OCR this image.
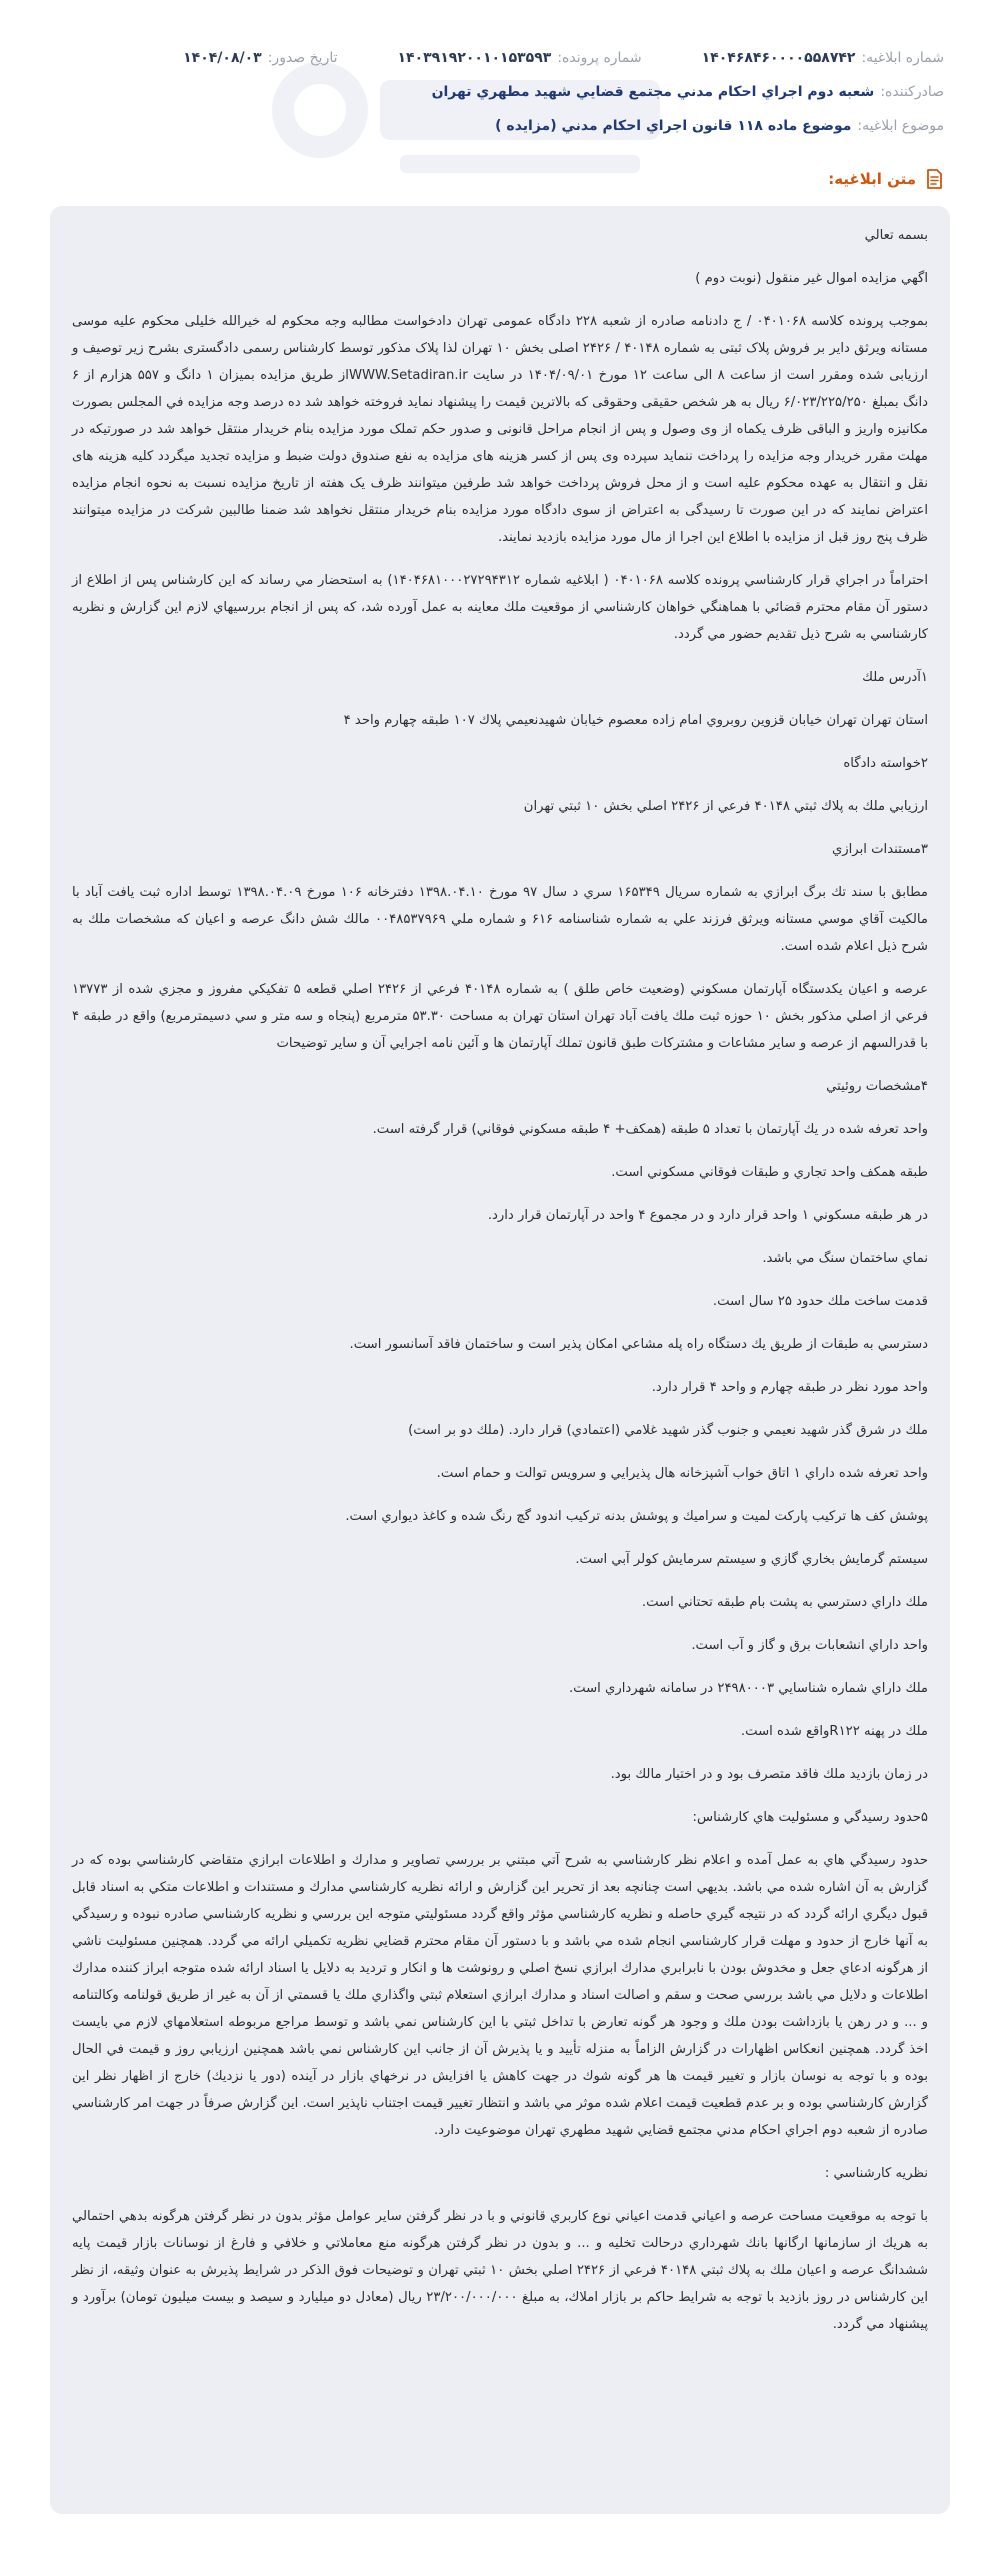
شماره ابلاغيه:
۱۴۰۴۶۸۴۶۰۰۰۰۵۵۸۷۴۲
شماره پرونده:
۱۴۰۳۹۱۹۲۰۰۱۰۱۵۳۵۹۳
تاريخ صدور:
۱۴۰۴/۰۸/۰۳
صادرکننده:
شعبه دوم اجراي احكام مدني مجتمع قضايي شهيد مطهري تهران
موضوع ابلاغيه:
موضوع ماده ۱۱۸ قانون اجراي احکام مدني (مزايده )
متن ابلاغيه:

بسمه تعالي

اگهي مزايده اموال غير منقول (نوبت دوم )

بموجب پرونده کلاسه ۰۴۰۱۰۶۸ / ج دادنامه صادره از شعبه ۲۲۸ دادگاه عمومی تهران دادخواست مطالبه وجه محکوم له خيرالله خليلی محکوم عليه موسی مستانه ويرثق داير بر فروش پلاک ثبتی به شماره ۴۰۱۴۸ / ۲۴۲۶ اصلی بخش ۱۰ تهران لذا پلاک مذکور توسط کارشناس رسمی دادگستری بشرح زير توصيف و ارزيابی شده ومقرر است از ساعت ۸ الی ساعت ۱۲ مورخ ۱۴۰۴/۰۹/۰۱ در سايت WWW.Setadiran.irاز طريق مزايده بميزان ۱ دانگ و ۵۵۷ هزارم از ۶ دانگ بمبلغ ۶/۰۲۳/۲۲۵/۲۵۰ ريال به هر شخص حقيقی وحقوقی که بالاترين قيمت را پيشنهاد نمايد فروخته خواهد شد ده درصد وجه مزايده في المجلس بصورت مکانيزه واريز و الباقی ظرف يکماه از وی وصول و پس از انجام مراحل قانونی و صدور حکم تملک مورد مزايده بنام خريدار منتقل خواهد شد در صورتيکه در مهلت مقرر خريدار وجه مزايده را پرداخت ننمايد سپرده وی پس از کسر هزينه های مزايده به نفع صندوق دولت ضبط و مزايده تجديد ميگردد کليه هزينه های نقل و انتقال به عهده محکوم عليه است و از محل فروش پرداخت خواهد شد طرفين ميتوانند ظرف يک هفته از تاريخ مزايده نسبت به نحوه انجام مزايده اعتراض نمايند که در اين صورت تا رسيدگی به اعتراض از سوی دادگاه مورد مزايده بنام خريدار منتقل نخواهد شد ضمنا طالبين شرکت در مزايده ميتوانند ظرف پنج روز قبل از مزايده با اطلاع اين اجرا از مال مورد مزايده بازديد نمايند.

احتراماً در اجراي قرار كارشناسي پرونده كلاسه ۰۴۰۱۰۶۸ ( ابلاغيه شماره ۱۴۰۴۶۸۱۰۰۰۲۷۲۹۴۳۱۲) به استحضار مي رساند که اين کارشناس پس از اطلاع از دستور آن مقام محترم قضائي با هماهنگي خواهان كارشناسي از موقعيت ملك معاينه به عمل آورده شد، که پس از انجام بررسيهاي لازم اين گزارش و نظريه كارشناسي به شرح ذيل تقديم حضور مي گردد.

۱آدرس ملك

استان تهران تهران خيابان قزوين روبروي امام زاده معصوم خيابان شهيدنعيمي پلاك ۱۰۷ طبقه چهارم واحد ۴

۲خواسته دادگاه

ارزيابي ملك به پلاك ثبتي ۴۰۱۴۸ فرعي از ۲۴۲۶ اصلي بخش ۱۰ ثبتي تهران

۳مستندات ابرازي

مطابق با سند تك برگ ابرازي به شماره سريال ۱۶۵۳۴۹ سري د سال ۹۷ مورخ ۱۳۹۸.۰۴.۱۰ دفترخانه ۱۰۶ مورخ ۱۳۹۸.۰۴.۰۹ توسط اداره ثبت يافت آباد با مالكيت آقاي موسي مستانه ويرثق فرزند علي به شماره شناسنامه ۶۱۶ و شماره ملي ۰۰۴۸۵۳۷۹۶۹ مالك شش دانگ عرصه و اعيان كه مشخصات ملك به شرح ذيل اعلام شده است.

عرصه و اعيان يكدستگاه آپارتمان مسكوني (وضعيت خاص طلق ) به شماره ۴۰۱۴۸ فرعي از ۲۴۲۶ اصلي قطعه ۵ تفكيكي مفروز و مجزي شده از ۱۳۷۷۳ فرعي از اصلي مذكور بخش ۱۰ حوزه ثبت ملك يافت آباد تهران استان تهران به مساحت ۵۳.۳۰ مترمربع (پنجاه و سه متر و سي دسيمترمربع) واقع در طبقه ۴ با قدرالسهم از عرصه و ساير مشاعات و مشتركات طبق قانون تملك آپارتمان ها و آئين نامه اجرايي آن و ساير توضيحات

۴مشخصات روئيتي

واحد تعرفه شده در يك آپارتمان با تعداد ۵ طبقه (همكف+ ۴ طبقه مسكوني فوقاني) قرار گرفته است.

طبقه همكف واحد تجاري و طبقات فوقاني مسكوني است.

در هر طبقه مسكوني ۱ واحد قرار دارد و در مجموع ۴ واحد در آپارتمان قرار دارد.

نماي ساختمان سنگ مي باشد.

قدمت ساخت ملك حدود ۲۵ سال است.

دسترسي به طبقات از طريق يك دستگاه راه پله مشاعي امكان پذير است و ساختمان فاقد آسانسور است.

واحد مورد نظر در طبقه چهارم و واحد ۴ قرار دارد.

ملك در شرق گذر شهيد نعيمي و جنوب گذر شهيد غلامي (اعتمادي) قرار دارد. (ملك دو بر است)

واحد تعرفه شده داراي ۱ اتاق خواب آشپزخانه هال پذيرايي و سرويس توالت و حمام است.

پوشش كف ها تركيب پاركت لميت و سراميك و پوشش بدنه تركيب اندود گچ رنگ شده و كاغذ ديواري است.

سيستم گرمايش بخاري گازي و سيستم سرمايش كولر آبي است.

ملك داراي دسترسي به پشت بام طبقه تحتاني است.

واحد داراي انشعابات برق و گاز و آب است.

ملك داراي شماره شناسايي ۲۴۹۸۰۰۰۳ در سامانه شهرداري است.

ملك در پهنه R۱۲۲واقع شده است.

در زمان بازديد ملك فاقد متصرف بود و در اختيار مالك بود.

۵حدود رسيدگي و مسئوليت هاي كارشناس:

حدود رسيدگي هاي به عمل آمده و اعلام نظر كارشناسي به شرح آتي مبتني بر بررسي تصاوير و مدارك و اطلاعات ابرازي متقاضي كارشناسي بوده كه در گزارش به آن اشاره شده مي باشد. بديهي است چنانچه بعد از تحرير اين گزارش و ارائه نظريه كارشناسي مدارك و مستندات و اطلاعات متكي به اسناد قابل قبول ديگري ارائه گردد كه در نتيجه گيري حاصله و نظريه كارشناسي مؤثر واقع گردد مسئوليتي متوجه اين بررسي و نظريه كارشناسي صادره نبوده و رسيدگي به آنها خارج از حدود و مهلت قرار كارشناسي انجام شده مي باشد و با دستور آن مقام محترم قضايي نظريه تكميلي ارائه مي گردد. همچنين مسئوليت ناشي از هرگونه ادعاي جعل و مخدوش بودن با نابرابري مدارك ابرازي نسخ اصلي و رونوشت ها و انكار و ترديد به دلايل يا اسناد ارائه شده متوجه ابراز كننده مدارك اطلاعات و دلايل مي باشد بررسي صحت و سقم و اصالت اسناد و مدارك ابرازي استعلام ثبتي واگذاري ملك يا قسمتي از آن به غير از طريق قولنامه وكالتنامه و ... و در رهن يا بازداشت بودن ملك و وجود هر گونه تعارض با تداخل ثبتي با اين كارشناس نمي باشد و توسط مراجع مربوطه استعلامهاي لازم مي بايست اخذ گردد. همچنين انعكاس اظهارات در گزارش الزاماً به منزله تأييد و يا پذيرش آن از جانب اين كارشناس نمي باشد همچنين ارزيابي روز و قيمت في الحال بوده و با توجه به نوسان بازار و تغيير قيمت ها هر گونه شوك در جهت كاهش يا افزايش در نرخهاي بازار در آينده (دور يا نزديك) خارج از اظهار نظر اين گزارش كارشناسي بوده و بر عدم قطعيت قيمت اعلام شده موثر مي باشد و انتظار تغيير قيمت اجتناب ناپذير است. اين گزارش صرفاً در جهت امر كارشناسي صادره از شعبه دوم اجراي احكام مدني مجتمع قضايي شهيد مطهري تهران موضوعيت دارد.

نظريه كارشناسي :

با توجه به موقعيت مساحت عرصه و اعياني قدمت اعياني نوع كاربري قانوني و با در نظر گرفتن ساير عوامل مؤثر بدون در نظر گرفتن هرگونه بدهي احتمالي به هريك از سازمانها ارگانها بانك شهرداري درحالت تخليه و ... و بدون در نظر گرفتن هرگونه منع معاملاتي و خلافي و فارغ از نوسانات بازار قيمت پايه ششدانگ عرصه و اعيان ملك به پلاك ثبتي ۴۰۱۴۸ فرعي از ۲۴۲۶ اصلي بخش ۱۰ ثبتي تهران و توضيحات فوق الذكر در شرايط پذيرش به عنوان وثيقه، از نظر اين كارشناس در روز بازديد با توجه به شرايط حاكم بر بازار املاك، به مبلغ ۲۳/۲۰۰/۰۰۰/۰۰۰ ريال (معادل دو ميليارد و سيصد و بيست ميليون تومان) برآورد و پيشنهاد مي گردد.
